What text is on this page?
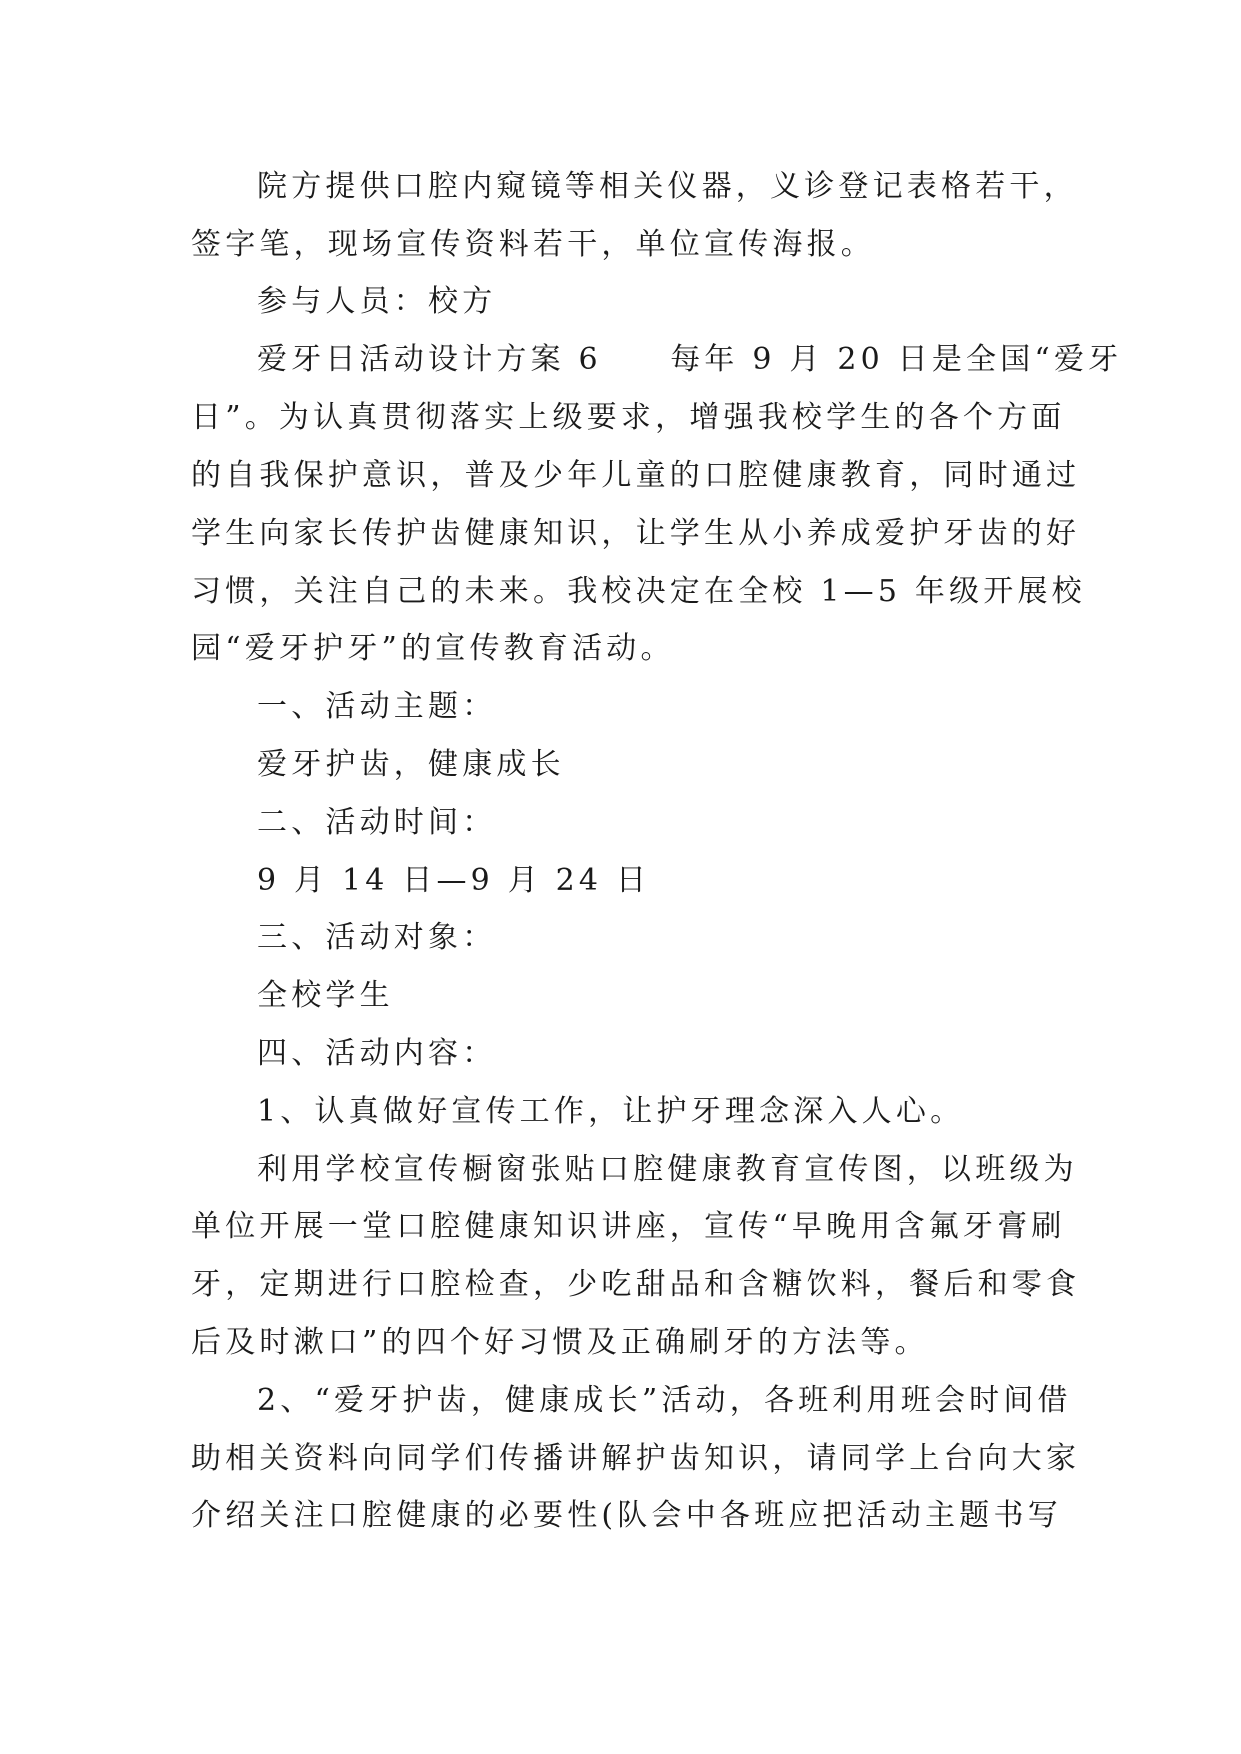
院方提供口腔内窥镜等相关仪器，义诊登记表格若干，
签字笔，现场宣传资料若干，单位宣传海报。
参与人员：校方
爱牙日活动设计方案 6　　每年 9 月 20 日是全国“爱牙
日”。为认真贯彻落实上级要求，增强我校学生的各个方面
的自我保护意识，普及少年儿童的口腔健康教育，同时通过
学生向家长传护齿健康知识，让学生从小养成爱护牙齿的好
习惯，关注自己的未来。我校决定在全校 1—5 年级开展校
园“爱牙护牙”的宣传教育活动。
一、活动主题：
爱牙护齿，健康成长
二、活动时间：
9 月 14 日—9 月 24 日
三、活动对象：
全校学生
四、活动内容：
1、认真做好宣传工作，让护牙理念深入人心。
利用学校宣传橱窗张贴口腔健康教育宣传图，以班级为
单位开展一堂口腔健康知识讲座，宣传“早晚用含氟牙膏刷
牙，定期进行口腔检查，少吃甜品和含糖饮料，餐后和零食
后及时漱口”的四个好习惯及正确刷牙的方法等。
2、“爱牙护齿，健康成长”活动，各班利用班会时间借
助相关资料向同学们传播讲解护齿知识，请同学上台向大家
介绍关注口腔健康的必要性(队会中各班应把活动主题书写
